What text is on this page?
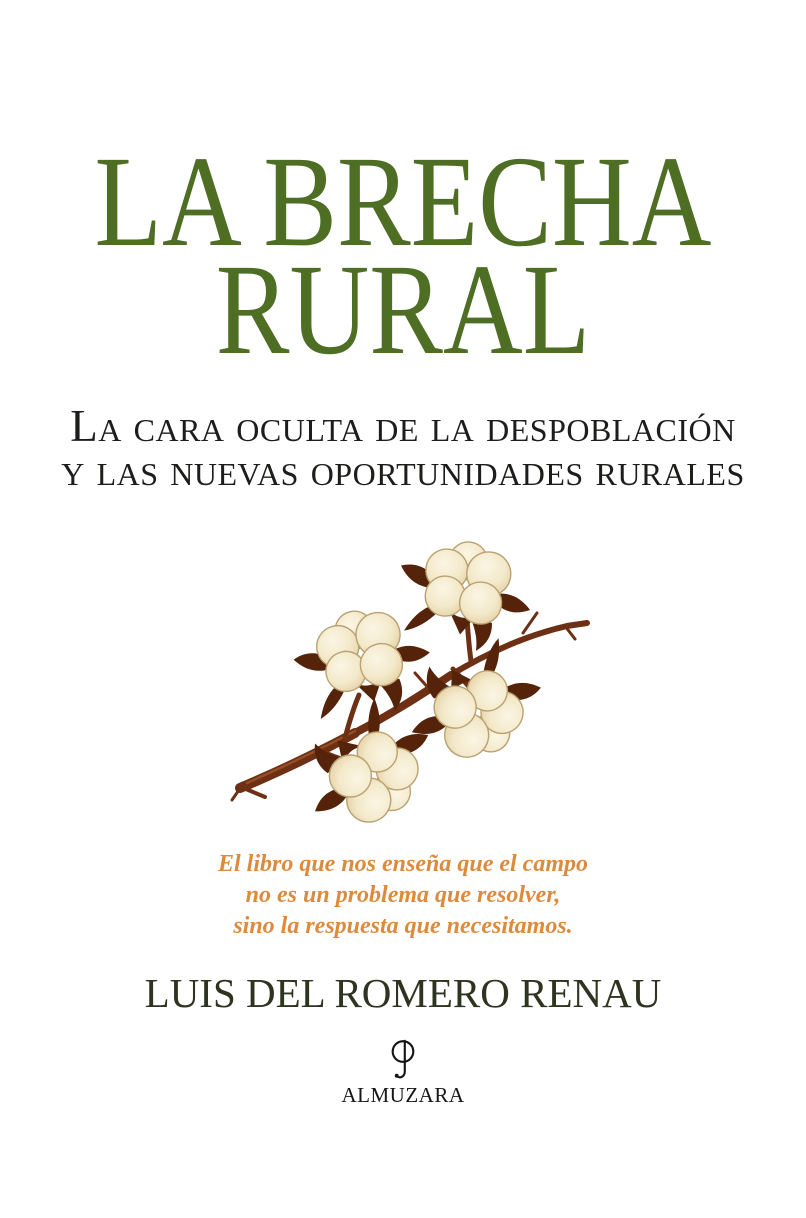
LA BRECHA
RURAL
La cara oculta de la despoblación
y las nuevas oportunidades rurales

El libro que nos enseña que el campo
no es un problema que resolver,
sino la respuesta que necesitamos.

LUIS DEL ROMERO RENAU
ALMUZARA
